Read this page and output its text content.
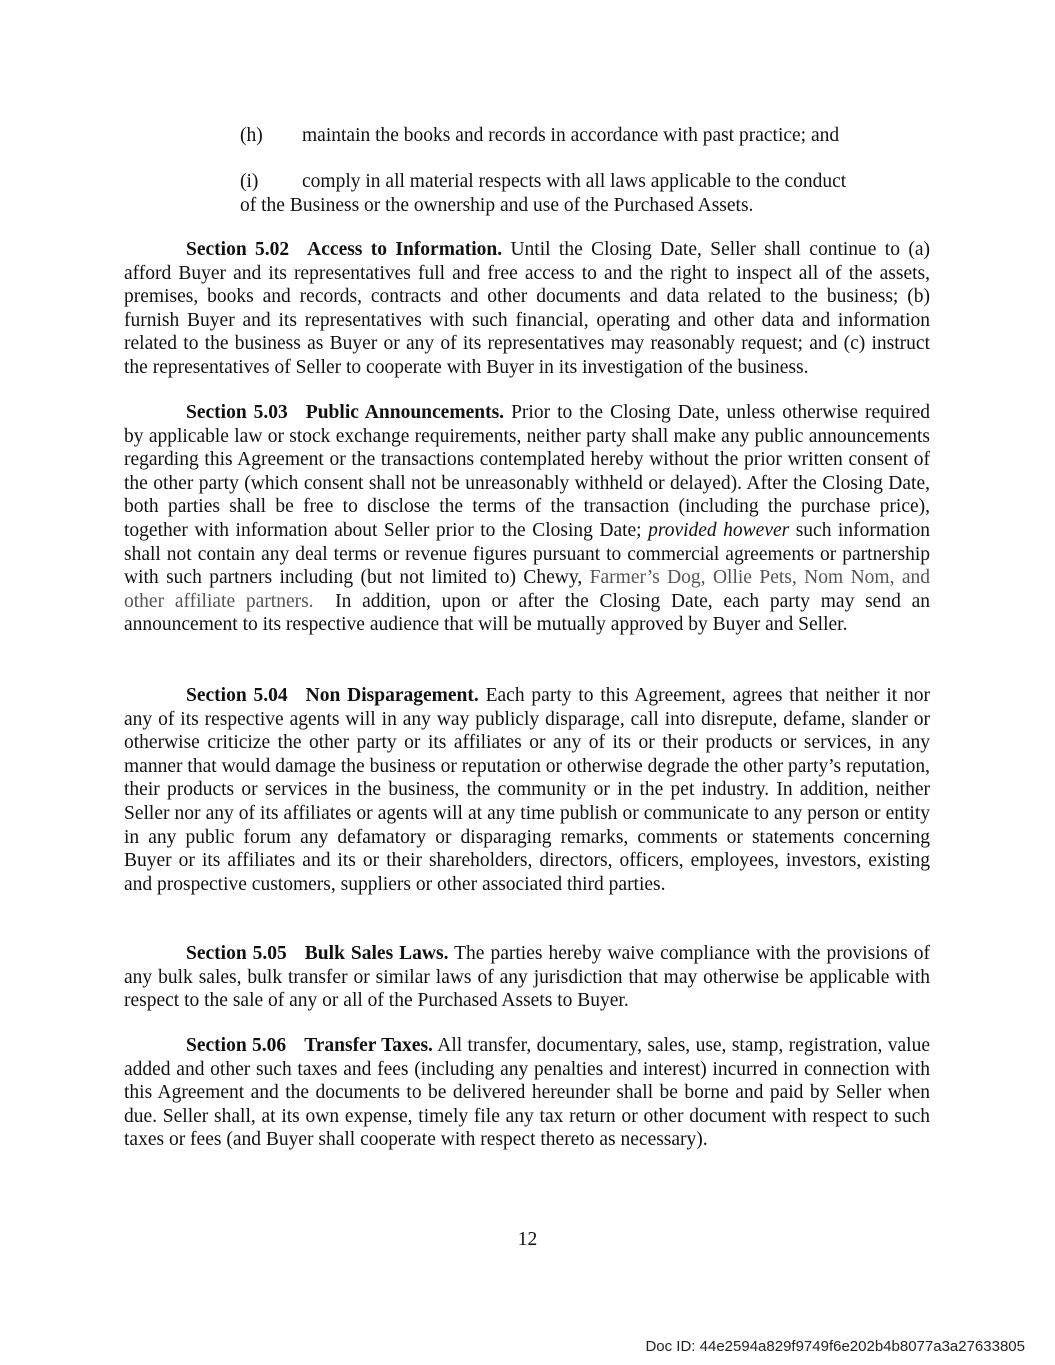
(h) maintain the books and records in accordance with past practice; and
(i) comply in all material respects with all laws applicable to the conduct
of the Business or the ownership and use of the Purchased Assets.
Section 5.02 Access to Information. Until the Closing Date, Seller shall continue to (a) afford Buyer and its representatives full and free access to and the right to inspect all of the assets, premises, books and records, contracts and other documents and data related to the business; (b) furnish Buyer and its representatives with such financial, operating and other data and information related to the business as Buyer or any of its representatives may reasonably request; and (c) instruct the representatives of Seller to cooperate with Buyer in its investigation of the business.
Section 5.03 Public Announcements. Prior to the Closing Date, unless otherwise required by applicable law or stock exchange requirements, neither party shall make any public announcements regarding this Agreement or the transactions contemplated hereby without the prior written consent of the other party (which consent shall not be unreasonably withheld or delayed). After the Closing Date, both parties shall be free to disclose the terms of the transaction (including the purchase price), together with information about Seller prior to the Closing Date; provided however such information shall not contain any deal terms or revenue figures pursuant to commercial agreements or partnership with such partners including (but not limited to) Chewy, Farmer’s Dog, Ollie Pets, Nom Nom, and other affiliate partners. In addition, upon or after the Closing Date, each party may send an announcement to its respective audience that will be mutually approved by Buyer and Seller.
Section 5.04 Non Disparagement. Each party to this Agreement, agrees that neither it nor any of its respective agents will in any way publicly disparage, call into disrepute, defame, slander or otherwise criticize the other party or its affiliates or any of its or their products or services, in any manner that would damage the business or reputation or otherwise degrade the other party’s reputation, their products or services in the business, the community or in the pet industry. In addition, neither Seller nor any of its affiliates or agents will at any time publish or communicate to any person or entity in any public forum any defamatory or disparaging remarks, comments or statements concerning Buyer or its affiliates and its or their shareholders, directors, officers, employees, investors, existing and prospective customers, suppliers or other associated third parties.
Section 5.05 Bulk Sales Laws. The parties hereby waive compliance with the provisions of any bulk sales, bulk transfer or similar laws of any jurisdiction that may otherwise be applicable with respect to the sale of any or all of the Purchased Assets to Buyer.
Section 5.06 Transfer Taxes. All transfer, documentary, sales, use, stamp, registration, value added and other such taxes and fees (including any penalties and interest) incurred in connection with this Agreement and the documents to be delivered hereunder shall be borne and paid by Seller when due. Seller shall, at its own expense, timely file any tax return or other document with respect to such taxes or fees (and Buyer shall cooperate with respect thereto as necessary).
12
Doc ID: 44e2594a829f9749f6e202b4b8077a3a27633805
